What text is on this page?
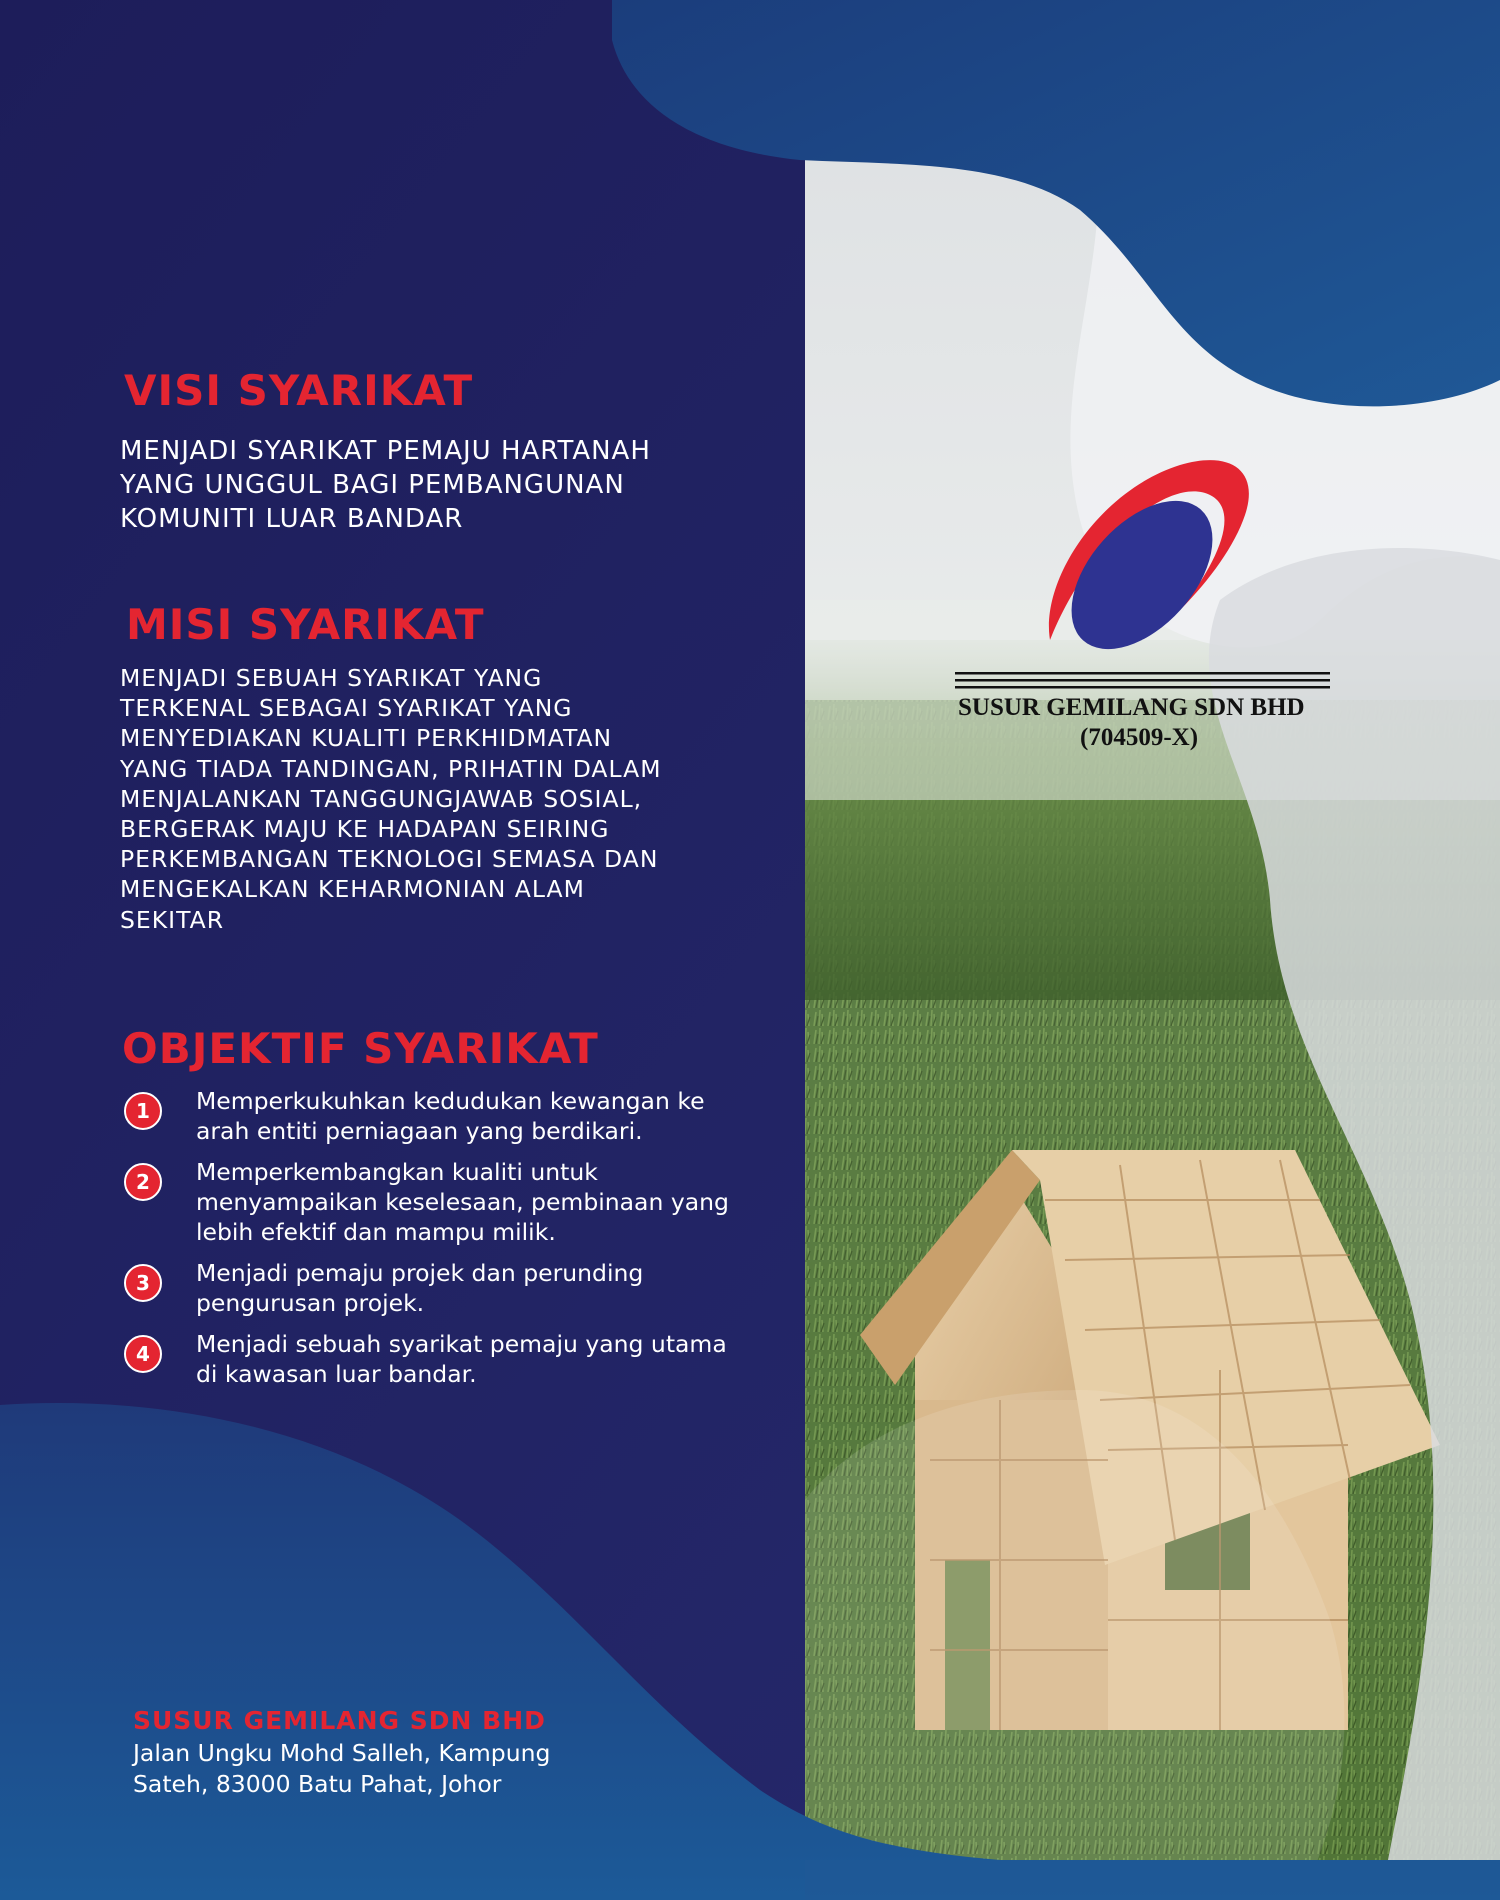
SUSUR GEMILANG SDN BHD
(704509-X)
VISI SYARIKAT
MENJADI SYARIKAT PEMAJU HARTANAH
YANG UNGGUL BAGI PEMBANGUNAN
KOMUNITI LUAR BANDAR
MISI SYARIKAT
MENJADI SEBUAH SYARIKAT YANG
TERKENAL SEBAGAI SYARIKAT YANG
MENYEDIAKAN KUALITI PERKHIDMATAN
YANG TIADA TANDINGAN, PRIHATIN DALAM
MENJALANKAN TANGGUNGJAWAB SOSIAL,
BERGERAK MAJU KE HADAPAN SEIRING
PERKEMBANGAN TEKNOLOGI SEMASA DAN
MENGEKALKAN KEHARMONIAN ALAM
SEKITAR
OBJEKTIF SYARIKAT
1	Memperkukuhkan kedudukan kewangan ke
arah entiti perniagaan yang berdikari.
2	Memperkembangkan kualiti untuk
menyampaikan keselesaan, pembinaan yang
lebih efektif dan mampu milik.
3	Menjadi pemaju projek dan perunding
pengurusan projek.
4	Menjadi sebuah syarikat pemaju yang utama
di kawasan luar bandar.
SUSUR GEMILANG SDN BHD
Jalan Ungku Mohd Salleh, Kampung
Sateh, 83000 Batu Pahat, Johor
